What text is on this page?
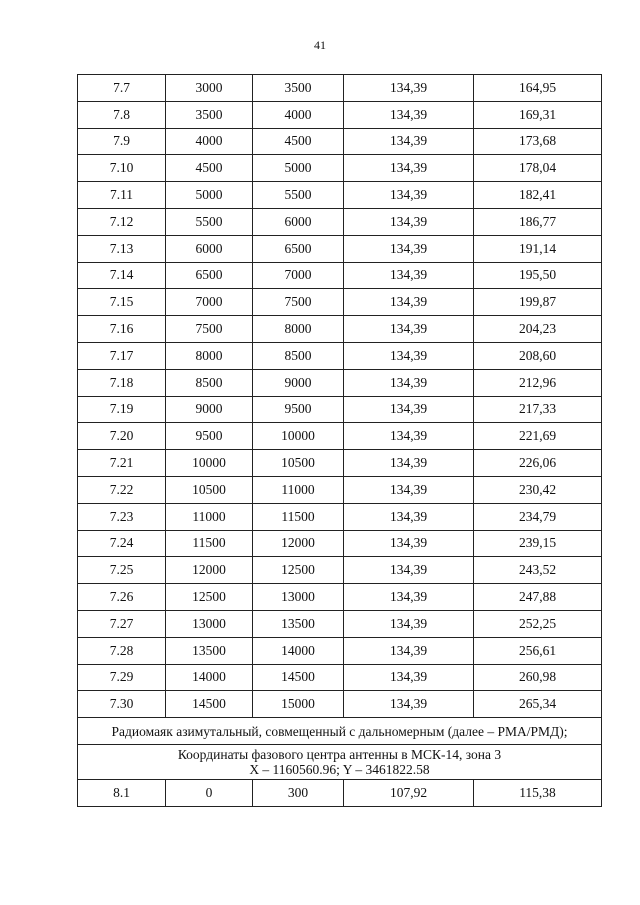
41
7.7	3000	3500	134,39	164,95
7.8	3500	4000	134,39	169,31
7.9	4000	4500	134,39	173,68
7.10	4500	5000	134,39	178,04
7.11	5000	5500	134,39	182,41
7.12	5500	6000	134,39	186,77
7.13	6000	6500	134,39	191,14
7.14	6500	7000	134,39	195,50
7.15	7000	7500	134,39	199,87
7.16	7500	8000	134,39	204,23
7.17	8000	8500	134,39	208,60
7.18	8500	9000	134,39	212,96
7.19	9000	9500	134,39	217,33
7.20	9500	10000	134,39	221,69
7.21	10000	10500	134,39	226,06
7.22	10500	11000	134,39	230,42
7.23	11000	11500	134,39	234,79
7.24	11500	12000	134,39	239,15
7.25	12000	12500	134,39	243,52
7.26	12500	13000	134,39	247,88
7.27	13000	13500	134,39	252,25
7.28	13500	14000	134,39	256,61
7.29	14000	14500	134,39	260,98
7.30	14500	15000	134,39	265,34
Радиомаяк азимутальный, совмещенный с дальномерным (далее – РМА/РМД);				

Координаты фазового центра антенны в МСК-14, зона 3
X – 1160560.96; Y – 3461822.58				

8.1	0	300	107,92	115,38
